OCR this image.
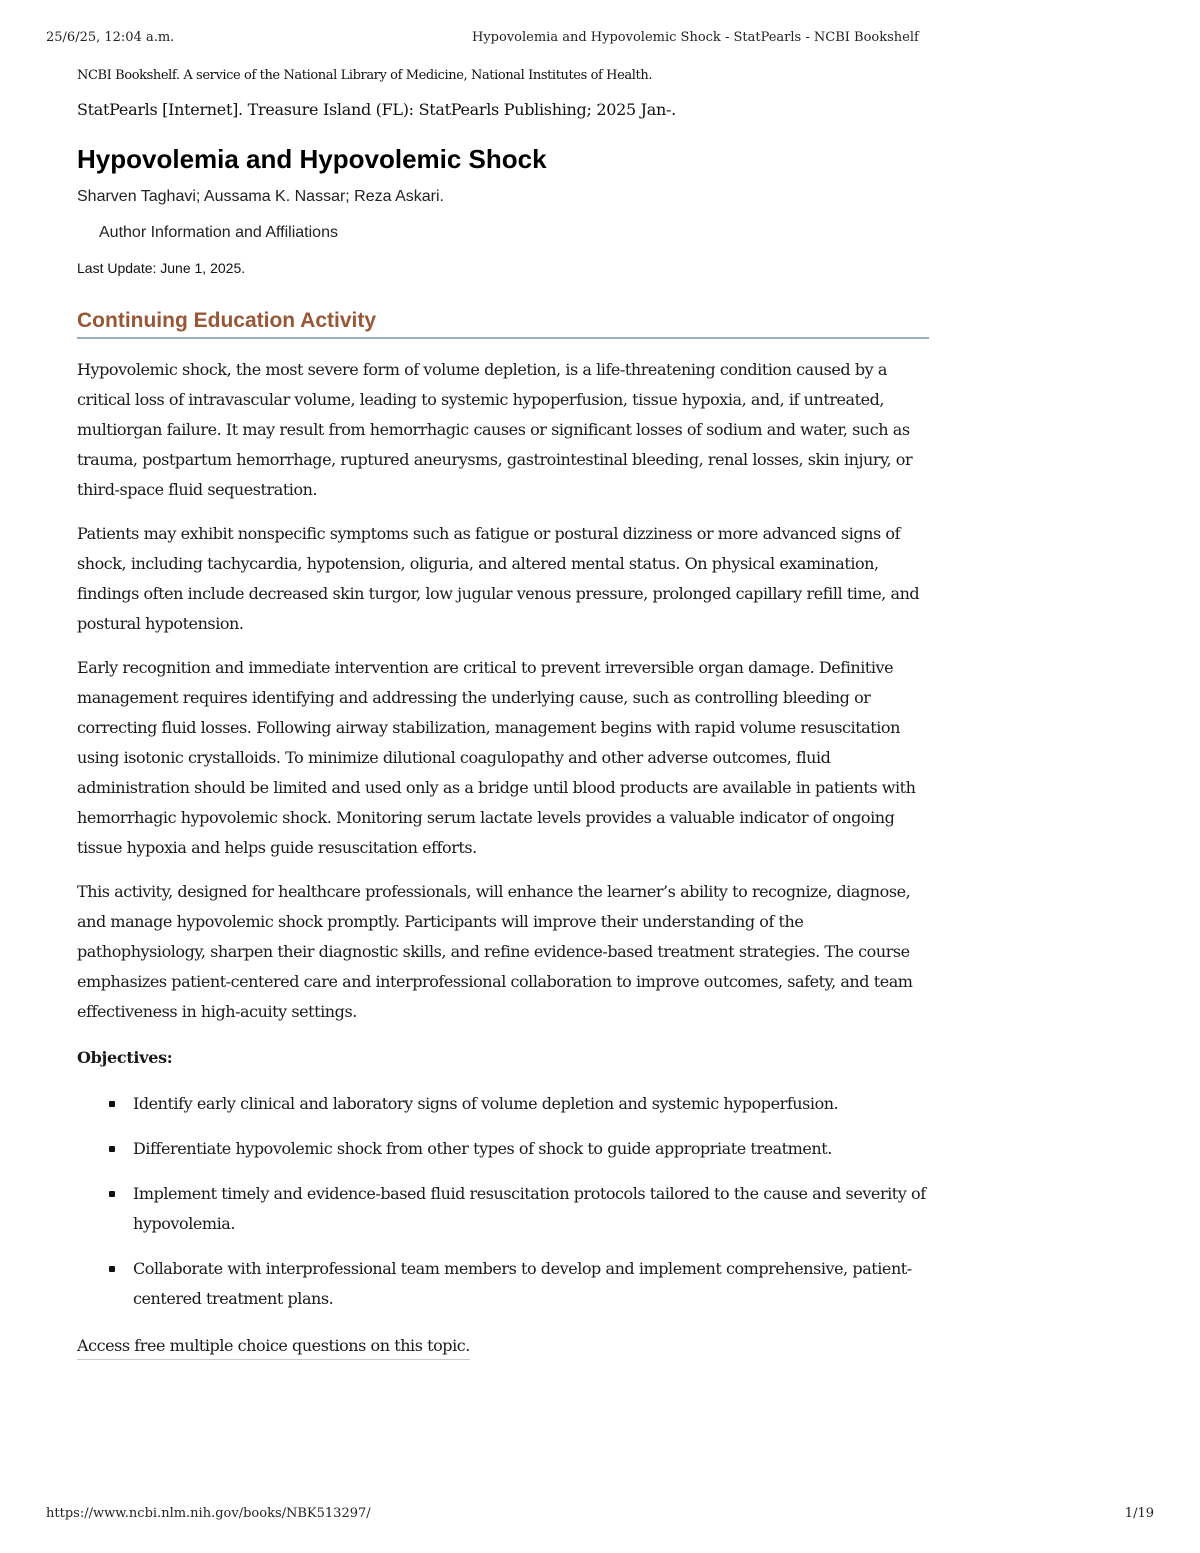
25/6/25, 12:04 a.m.	Hypovolemia and Hypovolemic Shock - StatPearls - NCBI Bookshelf
NCBI Bookshelf. A service of the National Library of Medicine, National Institutes of Health.
StatPearls [Internet]. Treasure Island (FL): StatPearls Publishing; 2025 Jan-.
Hypovolemia and Hypovolemic Shock
Sharven Taghavi; Aussama K. Nassar; Reza Askari.
Author Information and Affiliations
Last Update: June 1, 2025.
Continuing Education Activity

Hypovolemic shock, the most severe form of volume depletion, is a life-threatening condition caused by a critical loss of intravascular volume, leading to systemic hypoperfusion, tissue hypoxia, and, if untreated, multiorgan failure. It may result from hemorrhagic causes or significant losses of sodium and water, such as trauma, postpartum hemorrhage, ruptured aneurysms, gastrointestinal bleeding, renal losses, skin injury, or third-space fluid sequestration.

Patients may exhibit nonspecific symptoms such as fatigue or postural dizziness or more advanced signs of shock, including tachycardia, hypotension, oliguria, and altered mental status. On physical examination, findings often include decreased skin turgor, low jugular venous pressure, prolonged capillary refill time, and postural hypotension.

Early recognition and immediate intervention are critical to prevent irreversible organ damage. Definitive management requires identifying and addressing the underlying cause, such as controlling bleeding or correcting fluid losses. Following airway stabilization, management begins with rapid volume resuscitation using isotonic crystalloids. To minimize dilutional coagulopathy and other adverse outcomes, fluid administration should be limited and used only as a bridge until blood products are available in patients with hemorrhagic hypovolemic shock. Monitoring serum lactate levels provides a valuable indicator of ongoing tissue hypoxia and helps guide resuscitation efforts.

This activity, designed for healthcare professionals, will enhance the learner’s ability to recognize, diagnose, and manage hypovolemic shock promptly. Participants will improve their understanding of the pathophysiology, sharpen their diagnostic skills, and refine evidence-based treatment strategies. The course emphasizes patient-centered care and interprofessional collaboration to improve outcomes, safety, and team effectiveness in high-acuity settings.

Objectives:
Identify early clinical and laboratory signs of volume depletion and systemic hypoperfusion.
Differentiate hypovolemic shock from other types of shock to guide appropriate treatment.
Implement timely and evidence-based fluid resuscitation protocols tailored to the cause and severity of hypovolemia.
Collaborate with interprofessional team members to develop and implement comprehensive, patient-centered treatment plans.
Access free multiple choice questions on this topic.
https://www.ncbi.nlm.nih.gov/books/NBK513297/	1/19
